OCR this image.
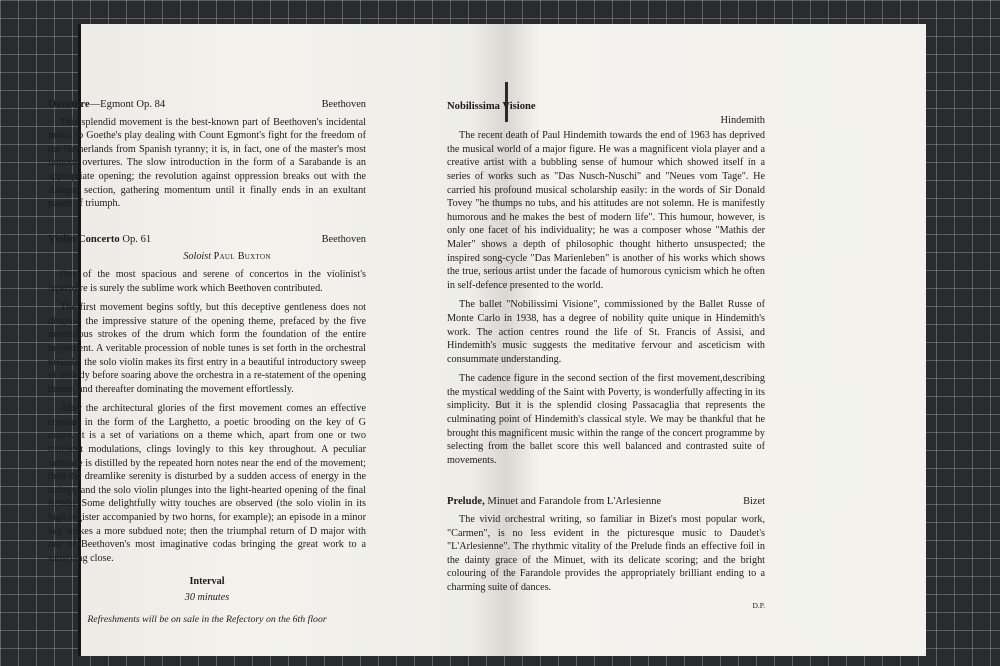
Overture—Egmont Op. 84	Beethoven

This splendid movement is the best-known part of Beethoven's incidental music to Goethe's play dealing with Count Egmont's fight for the freedom of the Netherlands from Spanish tyranny; it is, in fact, one of the master's most famous overtures. The slow introduction in the form of a Sarabande is an appropriate opening; the revolution against oppression breaks out with the Allegro section, gathering momentum until it finally ends in an exultant paean of triumph.

Violin Concerto Op. 61	Beethoven
Soloist Paul Buxton

One of the most spacious and serene of concertos in the violinist's repertoire is surely the sublime work which Beethoven contributed.

The first movement begins softly, but this deceptive gentleness does not disguise the impressive stature of the opening theme, prefaced by the five mysterious strokes of the drum which form the foundation of the entire movement. A veritable procession of noble tunes is set forth in the orchestral prelude; the solo violin makes its first entry in a beautiful introductory sweep of melody before soaring above the orchestra in a re-statement of the opening theme, and thereafter dominating the movement effortlessly.

After the architectural glories of the first movement comes an effective contrast in the form of the Larghetto, a poetic brooding on the key of G major. It is a set of variations on a theme which, apart from one or two transient modulations, clings lovingly to this key throughout. A peculiar radiance is distilled by the repeated horn notes near the end of the movement; then the dreamlike serenity is disturbed by a sudden access of energy in the strings, and the solo violin plunges into the light-hearted opening of the final Rondo. Some delightfully witty touches are observed (the solo violin in its high register accompanied by two horns, for example); an episode in a minor key strikes a more subdued note; then the triumphal return of D major with one of Beethoven's most imaginative codas bringing the great work to a satisfying close.

Interval
30 minutes
Refreshments will be on sale in the Refectory on the 6th floor
Nobilissima Visione
Hindemith

The recent death of Paul Hindemith towards the end of 1963 has deprived the musical world of a major figure. He was a magnificent viola player and a creative artist with a bubbling sense of humour which showed itself in a series of works such as "Das Nusch-Nuschi" and "Neues vom Tage". He carried his profound musical scholarship easily: in the words of Sir Donald Tovey "he thumps no tubs, and his attitudes are not solemn. He is manifestly humorous and he makes the best of modern life". This humour, however, is only one facet of his individuality; he was a composer whose "Mathis der Maler" shows a depth of philosophic thought hitherto unsuspected; the inspired song-cycle "Das Marienleben" is another of his works which shows the true, serious artist under the facade of humorous cynicism which he often in self-defence presented to the world.

The ballet "Nobilissimi Visione", commissioned by the Ballet Russe of Monte Carlo in 1938, has a degree of nobility quite unique in Hindemith's work. The action centres round the life of St. Francis of Assisi, and Hindemith's music suggests the meditative fervour and asceticism with consummate understanding.

The cadence figure in the second section of the first movement,describing the mystical wedding of the Saint with Poverty, is wonderfully affecting in its simplicity. But it is the splendid closing Passacaglia that represents the culminating point of Hindemith's classical style. We may be thankful that he brought this magnificent music within the range of the concert programme by selecting from the ballet score this well balanced and contrasted suite of movements.

Prelude, Minuet and Farandole from L'Arlesienne	Bizet

The vivid orchestral writing, so familiar in Bizet's most popular work, "Carmen", is no less evident in the picturesque music to Daudet's "L'Arlesienne". The rhythmic vitality of the Prelude finds an effective foil in the dainty grace of the Minuet, with its delicate scoring; and the bright colouring of the Farandole provides the appropriately brilliant ending to a charming suite of dances.

D.P.
